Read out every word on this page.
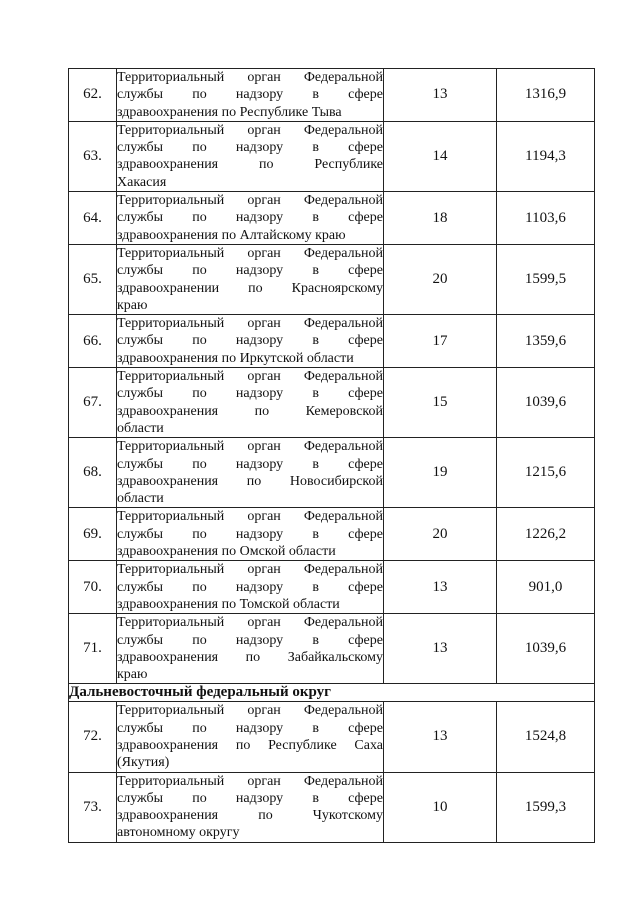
62.	Территориальный орган Федеральной
службы по надзору в сфере
здравоохранения по Республике Тыва	13	1316,9
63.	Территориальный орган Федеральной
службы по надзору в сфере
здравоохранения по Республике
Хакасия	14	1194,3
64.	Территориальный орган Федеральной
службы по надзору в сфере
здравоохранения по Алтайскому краю	18	1103,6
65.	Территориальный орган Федеральной
службы по надзору в сфере
здравоохранении по Красноярскому
краю	20	1599,5
66.	Территориальный орган Федеральной
службы по надзору в сфере
здравоохранения по Иркутской области	17	1359,6
67.	Территориальный орган Федеральной
службы по надзору в сфере
здравоохранения по Кемеровской
области	15	1039,6
68.	Территориальный орган Федеральной
службы по надзору в сфере
здравоохранения по Новосибирской
области	19	1215,6
69.	Территориальный орган Федеральной
службы по надзору в сфере
здравоохранения по Омской области	20	1226,2
70.	Территориальный орган Федеральной
службы по надзору в сфере
здравоохранения по Томской области	13	901,0
71.	Территориальный орган Федеральной
службы по надзору в сфере
здравоохранения по Забайкальскому
краю	13	1039,6
Дальневосточный федеральный округ			
72.	Территориальный орган Федеральной
службы по надзору в сфере
здравоохранения по Республике Саха
(Якутия)	13	1524,8
73.	Территориальный орган Федеральной
службы по надзору в сфере
здравоохранения по Чукотскому
автономному округу	10	1599,3
